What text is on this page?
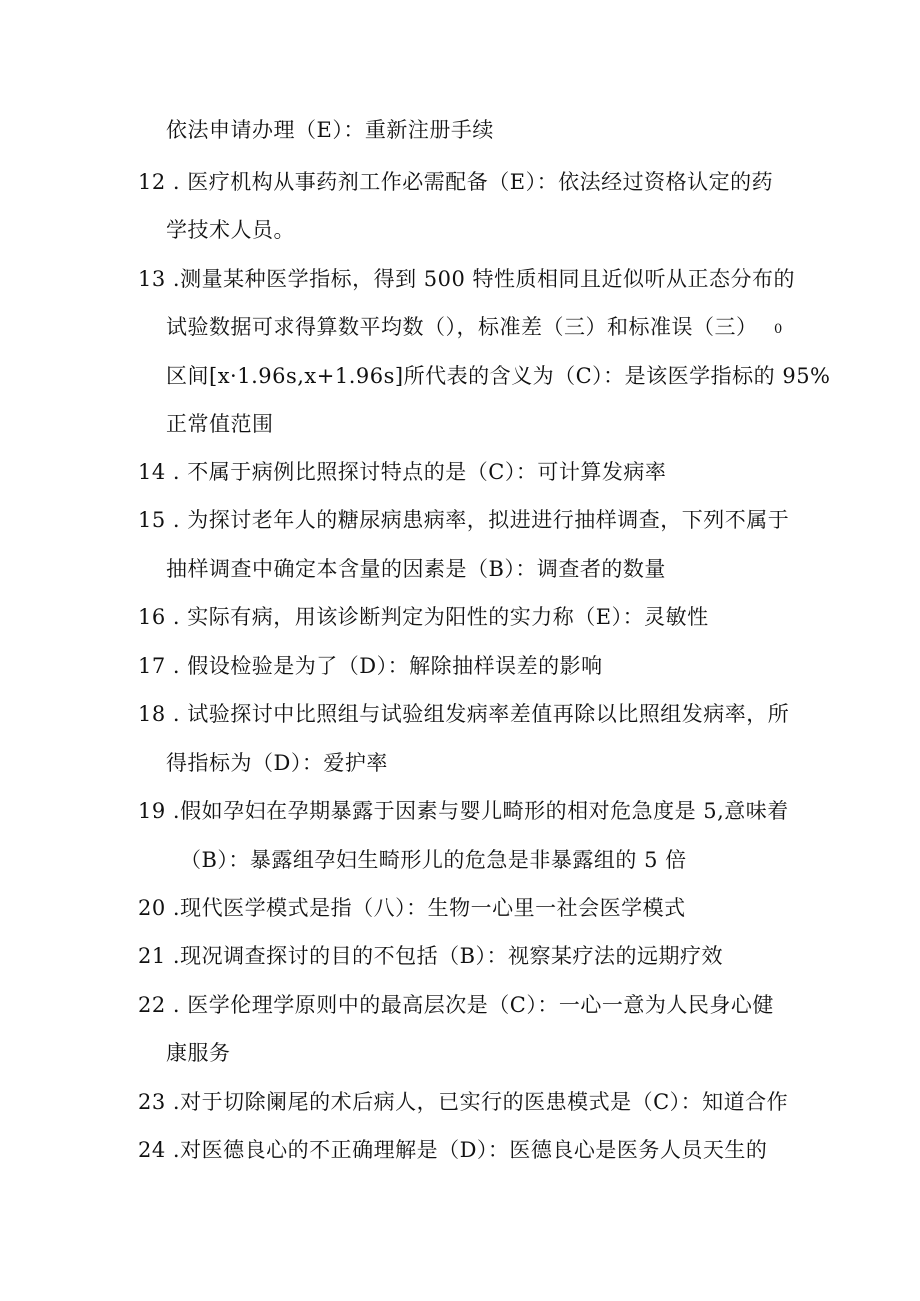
依法申请办理（E）：重新注册手续
12 . 医疗机构从事药剂工作必需配备（E）：依法经过资格认定的药
学技术人员。
13 .测量某种医学指标，得到 500 特性质相同且近似听从正态分布的
试验数据可求得算数平均数（），标准差（三）和标准误（三） 0
区间[x·1.96s,x+1.96s]所代表的含义为（C）：是该医学指标的 95%
正常值范围
14 . 不属于病例比照探讨特点的是（C）：可计算发病率
15 . 为探讨老年人的糖尿病患病率，拟进进行抽样调查，下列不属于
抽样调查中确定本含量的因素是（B）：调查者的数量
16 . 实际有病，用该诊断判定为阳性的实力称（E）：灵敏性
17 . 假设检验是为了（D）：解除抽样误差的影响
18 . 试验探讨中比照组与试验组发病率差值再除以比照组发病率，所
得指标为（D）：爱护率
19 .假如孕妇在孕期暴露于因素与婴儿畸形的相对危急度是 5,意味着
（B）：暴露组孕妇生畸形儿的危急是非暴露组的 5 倍
20 .现代医学模式是指（八）：生物一心里一社会医学模式
21 .现况调查探讨的目的不包括（B）：视察某疗法的远期疗效
22 . 医学伦理学原则中的最高层次是（C）：一心一意为人民身心健
康服务
23 .对于切除阑尾的术后病人，已实行的医患模式是（C）：知道合作
24 .对医德良心的不正确理解是（D）：医德良心是医务人员天生的
